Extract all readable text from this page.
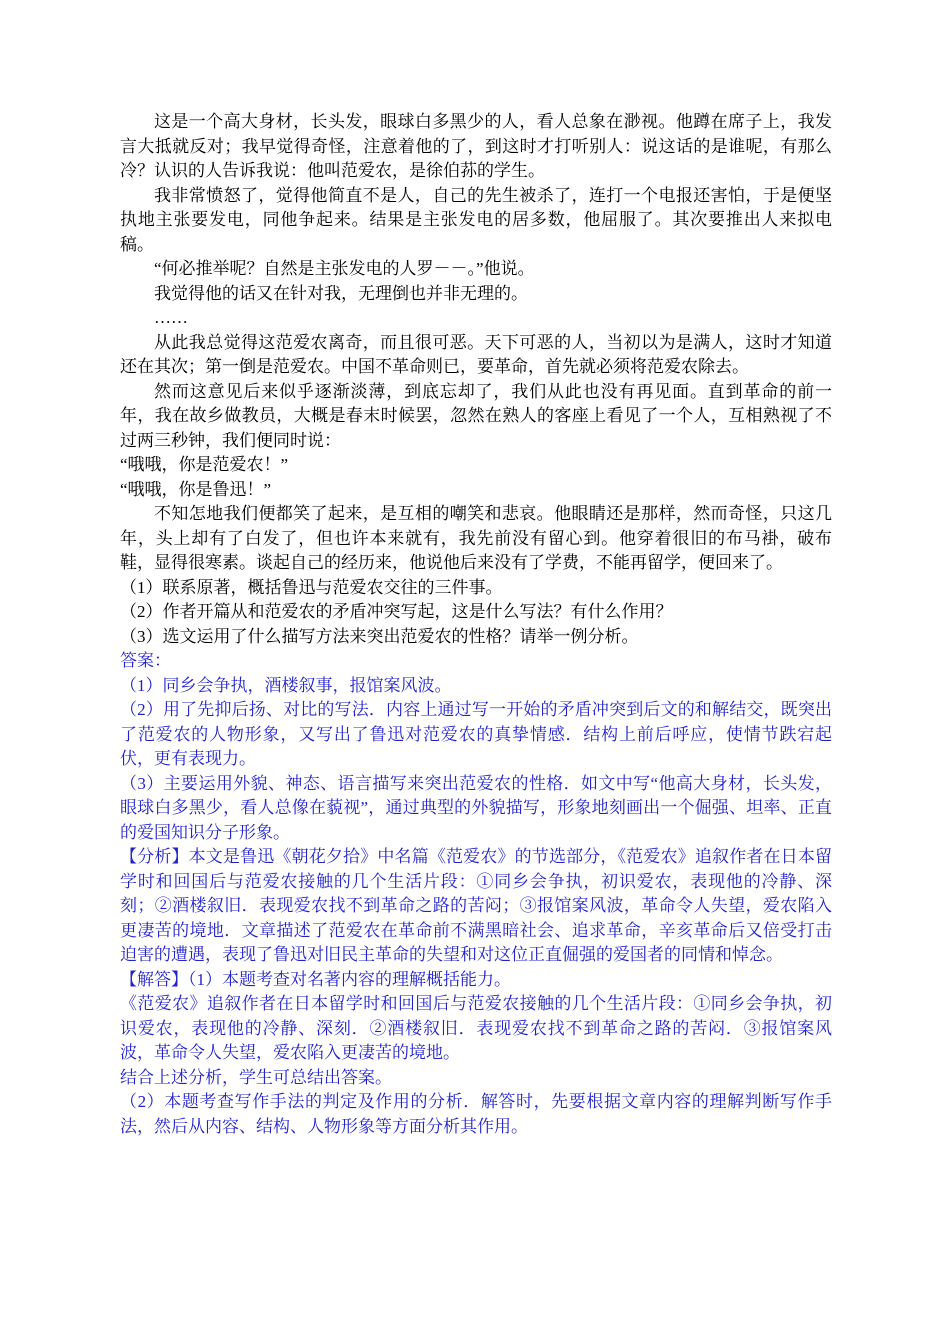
这是一个高大身材，长头发，眼球白多黑少的人，看人总象在渺视。他蹲在席子上，我发言大抵就反对；我早觉得奇怪，注意着他的了，到这时才打听别人：说这话的是谁呢，有那么冷？认识的人告诉我说：他叫范爱农，是徐伯荪的学生。

我非常愤怒了，觉得他简直不是人，自己的先生被杀了，连打一个电报还害怕，于是便坚执地主张要发电，同他争起来。结果是主张发电的居多数，他屈服了。其次要推出人来拟电稿。

“何必推举呢？自然是主张发电的人罗－－。”他说。

我觉得他的话又在针对我，无理倒也并非无理的。

……

从此我总觉得这范爱农离奇，而且很可恶。天下可恶的人，当初以为是满人，这时才知道还在其次；第一倒是范爱农。中国不革命则已，要革命，首先就必须将范爱农除去。

然而这意见后来似乎逐渐淡薄，到底忘却了，我们从此也没有再见面。直到革命的前一年，我在故乡做教员，大概是春末时候罢，忽然在熟人的客座上看见了一个人，互相熟视了不过两三秒钟，我们便同时说：

“哦哦，你是范爱农！”

“哦哦，你是鲁迅！”

不知怎地我们便都笑了起来，是互相的嘲笑和悲哀。他眼睛还是那样，然而奇怪，只这几年，头上却有了白发了，但也许本来就有，我先前没有留心到。他穿着很旧的布马褂，破布鞋，显得很寒素。谈起自己的经历来，他说他后来没有了学费，不能再留学，便回来了。

（1）联系原著，概括鲁迅与范爱农交往的三件事。

（2）作者开篇从和范爱农的矛盾冲突写起，这是什么写法？有什么作用？

（3）选文运用了什么描写方法来突出范爱农的性格？请举一例分析。

答案：

（1）同乡会争执，酒楼叙事，报馆案风波。

（2）用了先抑后扬、对比的写法．内容上通过写一开始的矛盾冲突到后文的和解结交，既突出了范爱农的人物形象，又写出了鲁迅对范爱农的真挚情感．结构上前后呼应，使情节跌宕起伏，更有表现力。

（3）主要运用外貌、神态、语言描写来突出范爱农的性格．如文中写“他高大身材，长头发，眼球白多黑少，看人总像在藐视”，通过典型的外貌描写，形象地刻画出一个倔强、坦率、正直的爱国知识分子形象。

【分析】本文是鲁迅《朝花夕拾》中名篇《范爱农》的节选部分，《范爱农》追叙作者在日本留学时和回国后与范爱农接触的几个生活片段：①同乡会争执，初识爱农，表现他的冷静、深刻；②酒楼叙旧．表现爱农找不到革命之路的苦闷；③报馆案风波，革命令人失望，爱农陷入更凄苦的境地．文章描述了范爱农在革命前不满黑暗社会、追求革命，辛亥革命后又倍受打击迫害的遭遇，表现了鲁迅对旧民主革命的失望和对这位正直倔强的爱国者的同情和悼念。

【解答】（1）本题考查对名著内容的理解概括能力。

《范爱农》追叙作者在日本留学时和回国后与范爱农接触的几个生活片段：①同乡会争执，初识爱农，表现他的冷静、深刻．②酒楼叙旧．表现爱农找不到革命之路的苦闷．③报馆案风波，革命令人失望，爱农陷入更凄苦的境地。

结合上述分析，学生可总结出答案。

（2）本题考查写作手法的判定及作用的分析．解答时，先要根据文章内容的理解判断写作手法，然后从内容、结构、人物形象等方面分析其作用。
